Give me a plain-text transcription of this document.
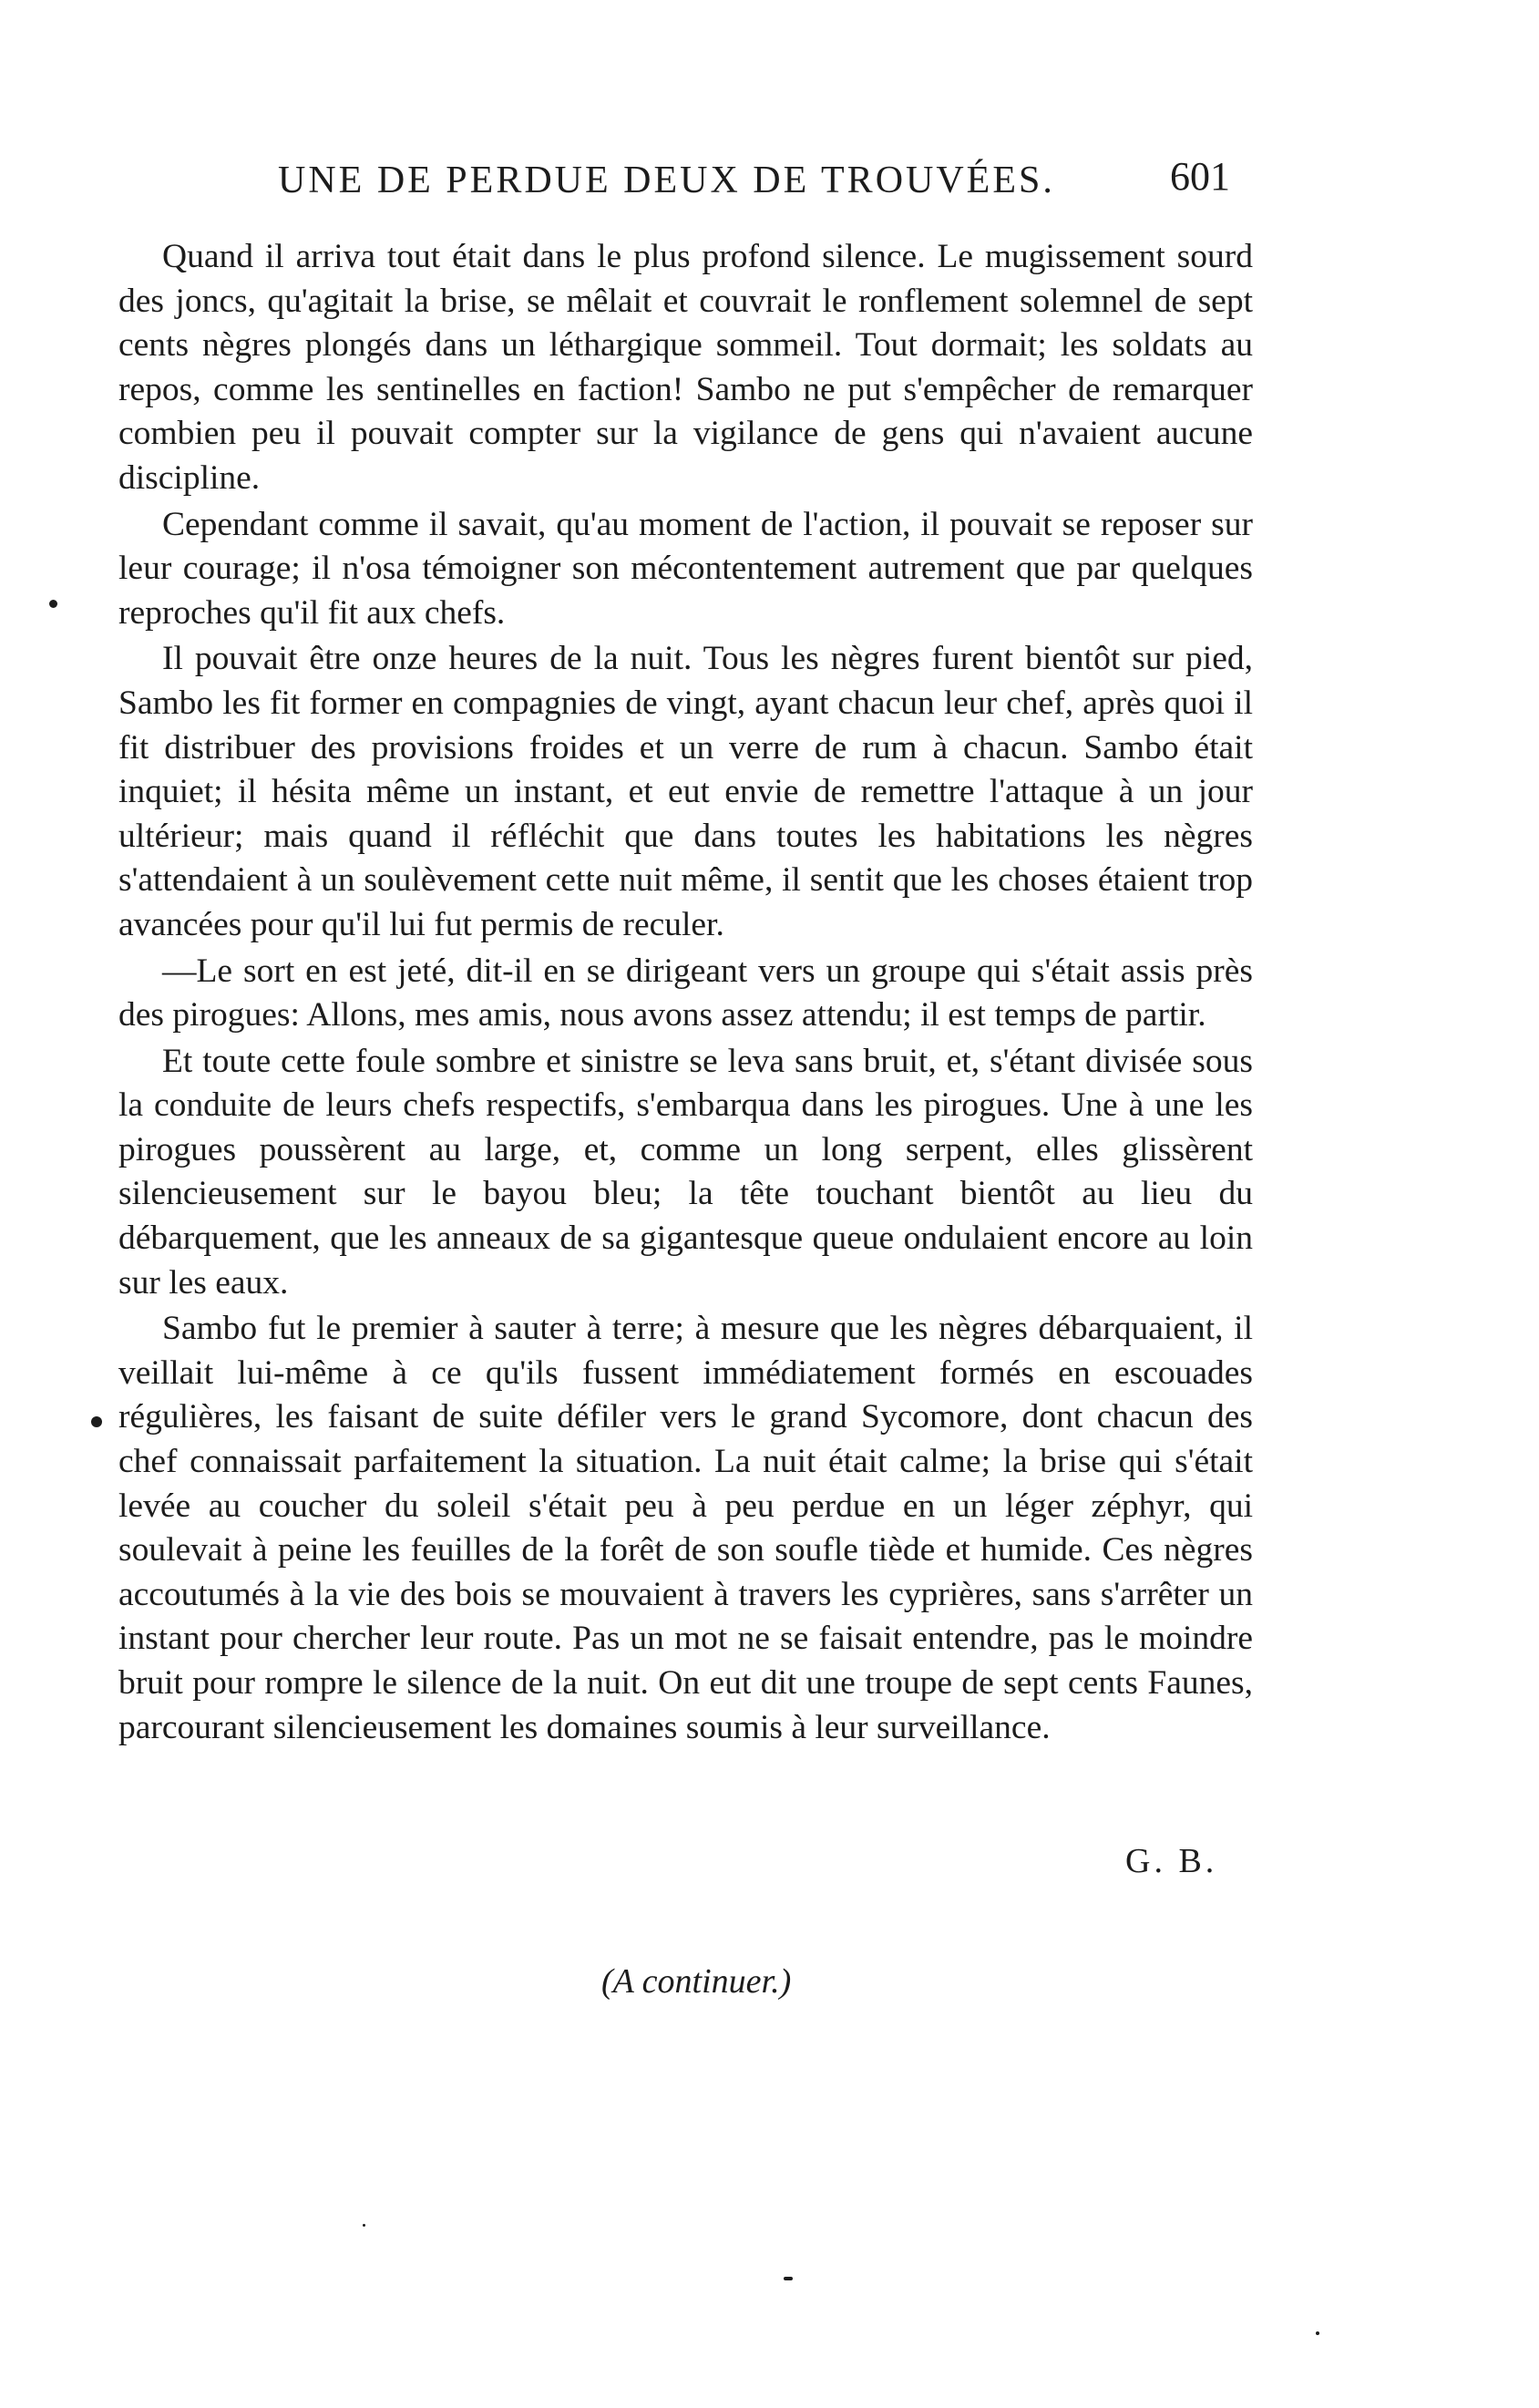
UNE DE PERDUE DEUX DE TROUVÉES.	601

Quand il arriva tout était dans le plus profond silence. Le mugissement sourd des joncs, qu'agitait la brise, se mêlait et couvrait le ronflement solemnel de sept cents nègres plongés dans un léthargique sommeil. Tout dormait; les soldats au repos, comme les sentinelles en faction! Sambo ne put s'empêcher de remarquer combien peu il pouvait compter sur la vigilance de gens qui n'avaient aucune discipline.

Cependant comme il savait, qu'au moment de l'action, il pouvait se reposer sur leur courage; il n'osa témoigner son mécontentement autrement que par quelques reproches qu'il fit aux chefs.

Il pouvait être onze heures de la nuit. Tous les nègres furent bientôt sur pied, Sambo les fit former en compagnies de vingt, ayant chacun leur chef, après quoi il fit distribuer des provisions froides et un verre de rum à chacun. Sambo était inquiet; il hésita même un instant, et eut envie de remettre l'attaque à un jour ultérieur; mais quand il réfléchit que dans toutes les habitations les nègres s'attendaient à un soulèvement cette nuit même, il sentit que les choses étaient trop avancées pour qu'il lui fut permis de reculer.

—Le sort en est jeté, dit-il en se dirigeant vers un groupe qui s'était assis près des pirogues: Allons, mes amis, nous avons assez attendu; il est temps de partir.

Et toute cette foule sombre et sinistre se leva sans bruit, et, s'étant divisée sous la conduite de leurs chefs respectifs, s'embarqua dans les pirogues. Une à une les pirogues poussèrent au large, et, comme un long serpent, elles glissèrent silencieusement sur le bayou bleu; la tête touchant bientôt au lieu du débarquement, que les anneaux de sa gigantesque queue ondulaient encore au loin sur les eaux.

Sambo fut le premier à sauter à terre; à mesure que les nègres débarquaient, il veillait lui-même à ce qu'ils fussent immédiatement formés en escouades régulières, les faisant de suite défiler vers le grand Sycomore, dont chacun des chef connaissait parfaitement la situation. La nuit était calme; la brise qui s'était levée au coucher du soleil s'était peu à peu perdue en un léger zéphyr, qui soulevait à peine les feuilles de la forêt de son soufle tiède et humide. Ces nègres accoutumés à la vie des bois se mouvaient à travers les cyprières, sans s'arrêter un instant pour chercher leur route. Pas un mot ne se faisait entendre, pas le moindre bruit pour rompre le silence de la nuit. On eut dit une troupe de sept cents Faunes, parcourant silencieusement les domaines soumis à leur surveillance.

G. B.
(A continuer.)
